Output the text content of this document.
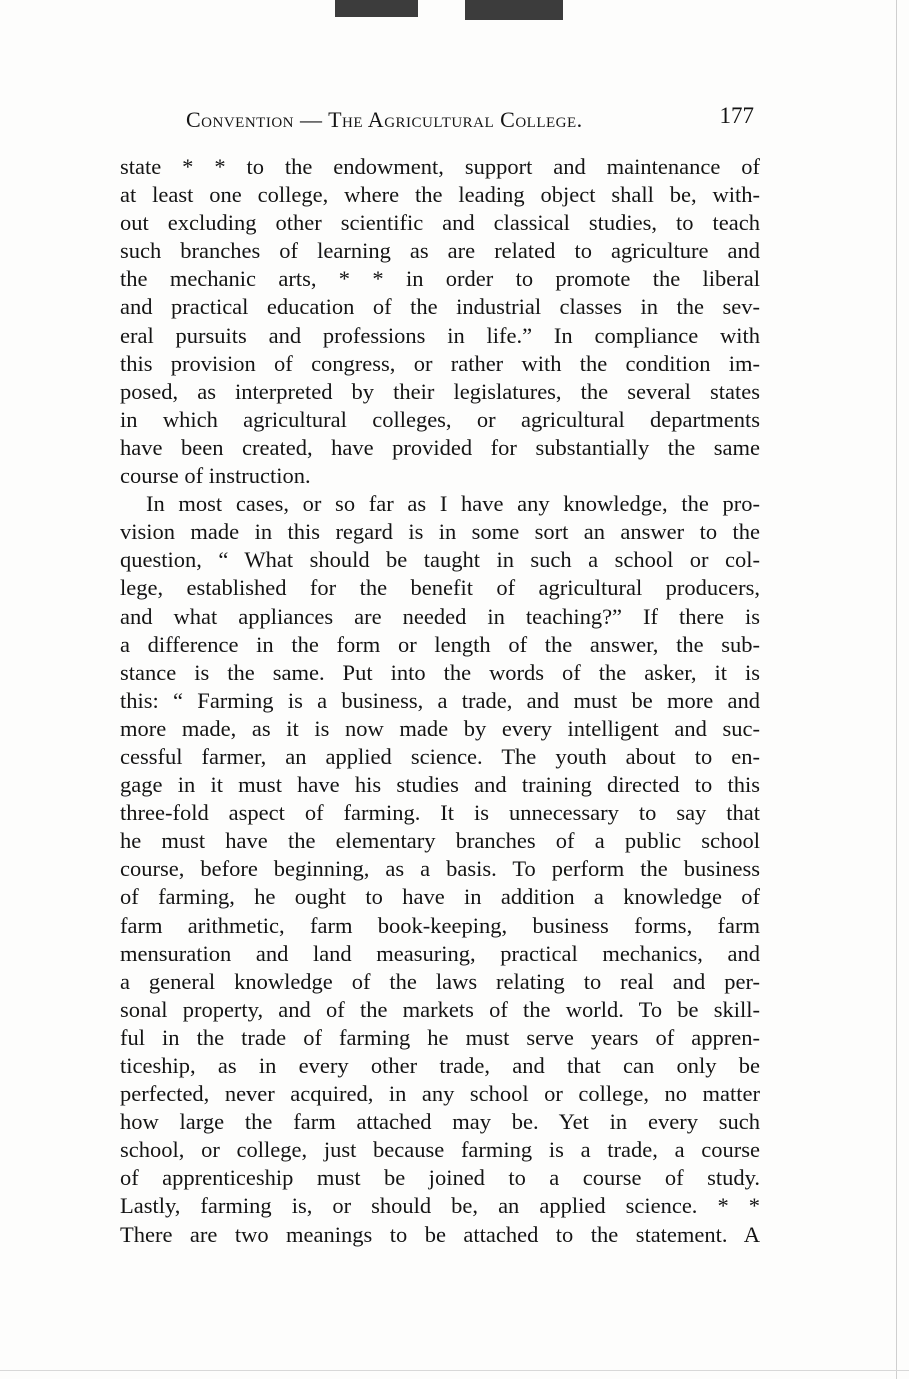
Convention — The Agricultural College.	177
state * * to the endowment, support and maintenance of
at least one college, where the leading object shall be, with-
out excluding other scientific and classical studies, to teach
such branches of learning as are related to agriculture and
the mechanic arts, * * in order to promote the liberal
and practical education of the industrial classes in the sev-
eral pursuits and professions in life.” In compliance with
this provision of congress, or rather with the condition im-
posed, as interpreted by their legislatures, the several states
in which agricultural colleges, or agricultural departments
have been created, have provided for substantially the same
course of instruction.
In most cases, or so far as I have any knowledge, the pro-
vision made in this regard is in some sort an answer to the
question, “ What should be taught in such a school or col-
lege, established for the benefit of agricultural producers,
and what appliances are needed in teaching?” If there is
a difference in the form or length of the answer, the sub-
stance is the same. Put into the words of the asker, it is
this: “ Farming is a business, a trade, and must be more and
more made, as it is now made by every intelligent and suc-
cessful farmer, an applied science. The youth about to en-
gage in it must have his studies and training directed to this
three-fold aspect of farming. It is unnecessary to say that
he must have the elementary branches of a public school
course, before beginning, as a basis. To perform the business
of farming, he ought to have in addition a knowledge of
farm arithmetic, farm book-keeping, business forms, farm
mensuration and land measuring, practical mechanics, and
a general knowledge of the laws relating to real and per-
sonal property, and of the markets of the world. To be skill-
ful in the trade of farming he must serve years of appren-
ticeship, as in every other trade, and that can only be
perfected, never acquired, in any school or college, no matter
how large the farm attached may be. Yet in every such
school, or college, just because farming is a trade, a course
of apprenticeship must be joined to a course of study.
Lastly, farming is, or should be, an applied science. * *
There are two meanings to be attached to the statement. A
